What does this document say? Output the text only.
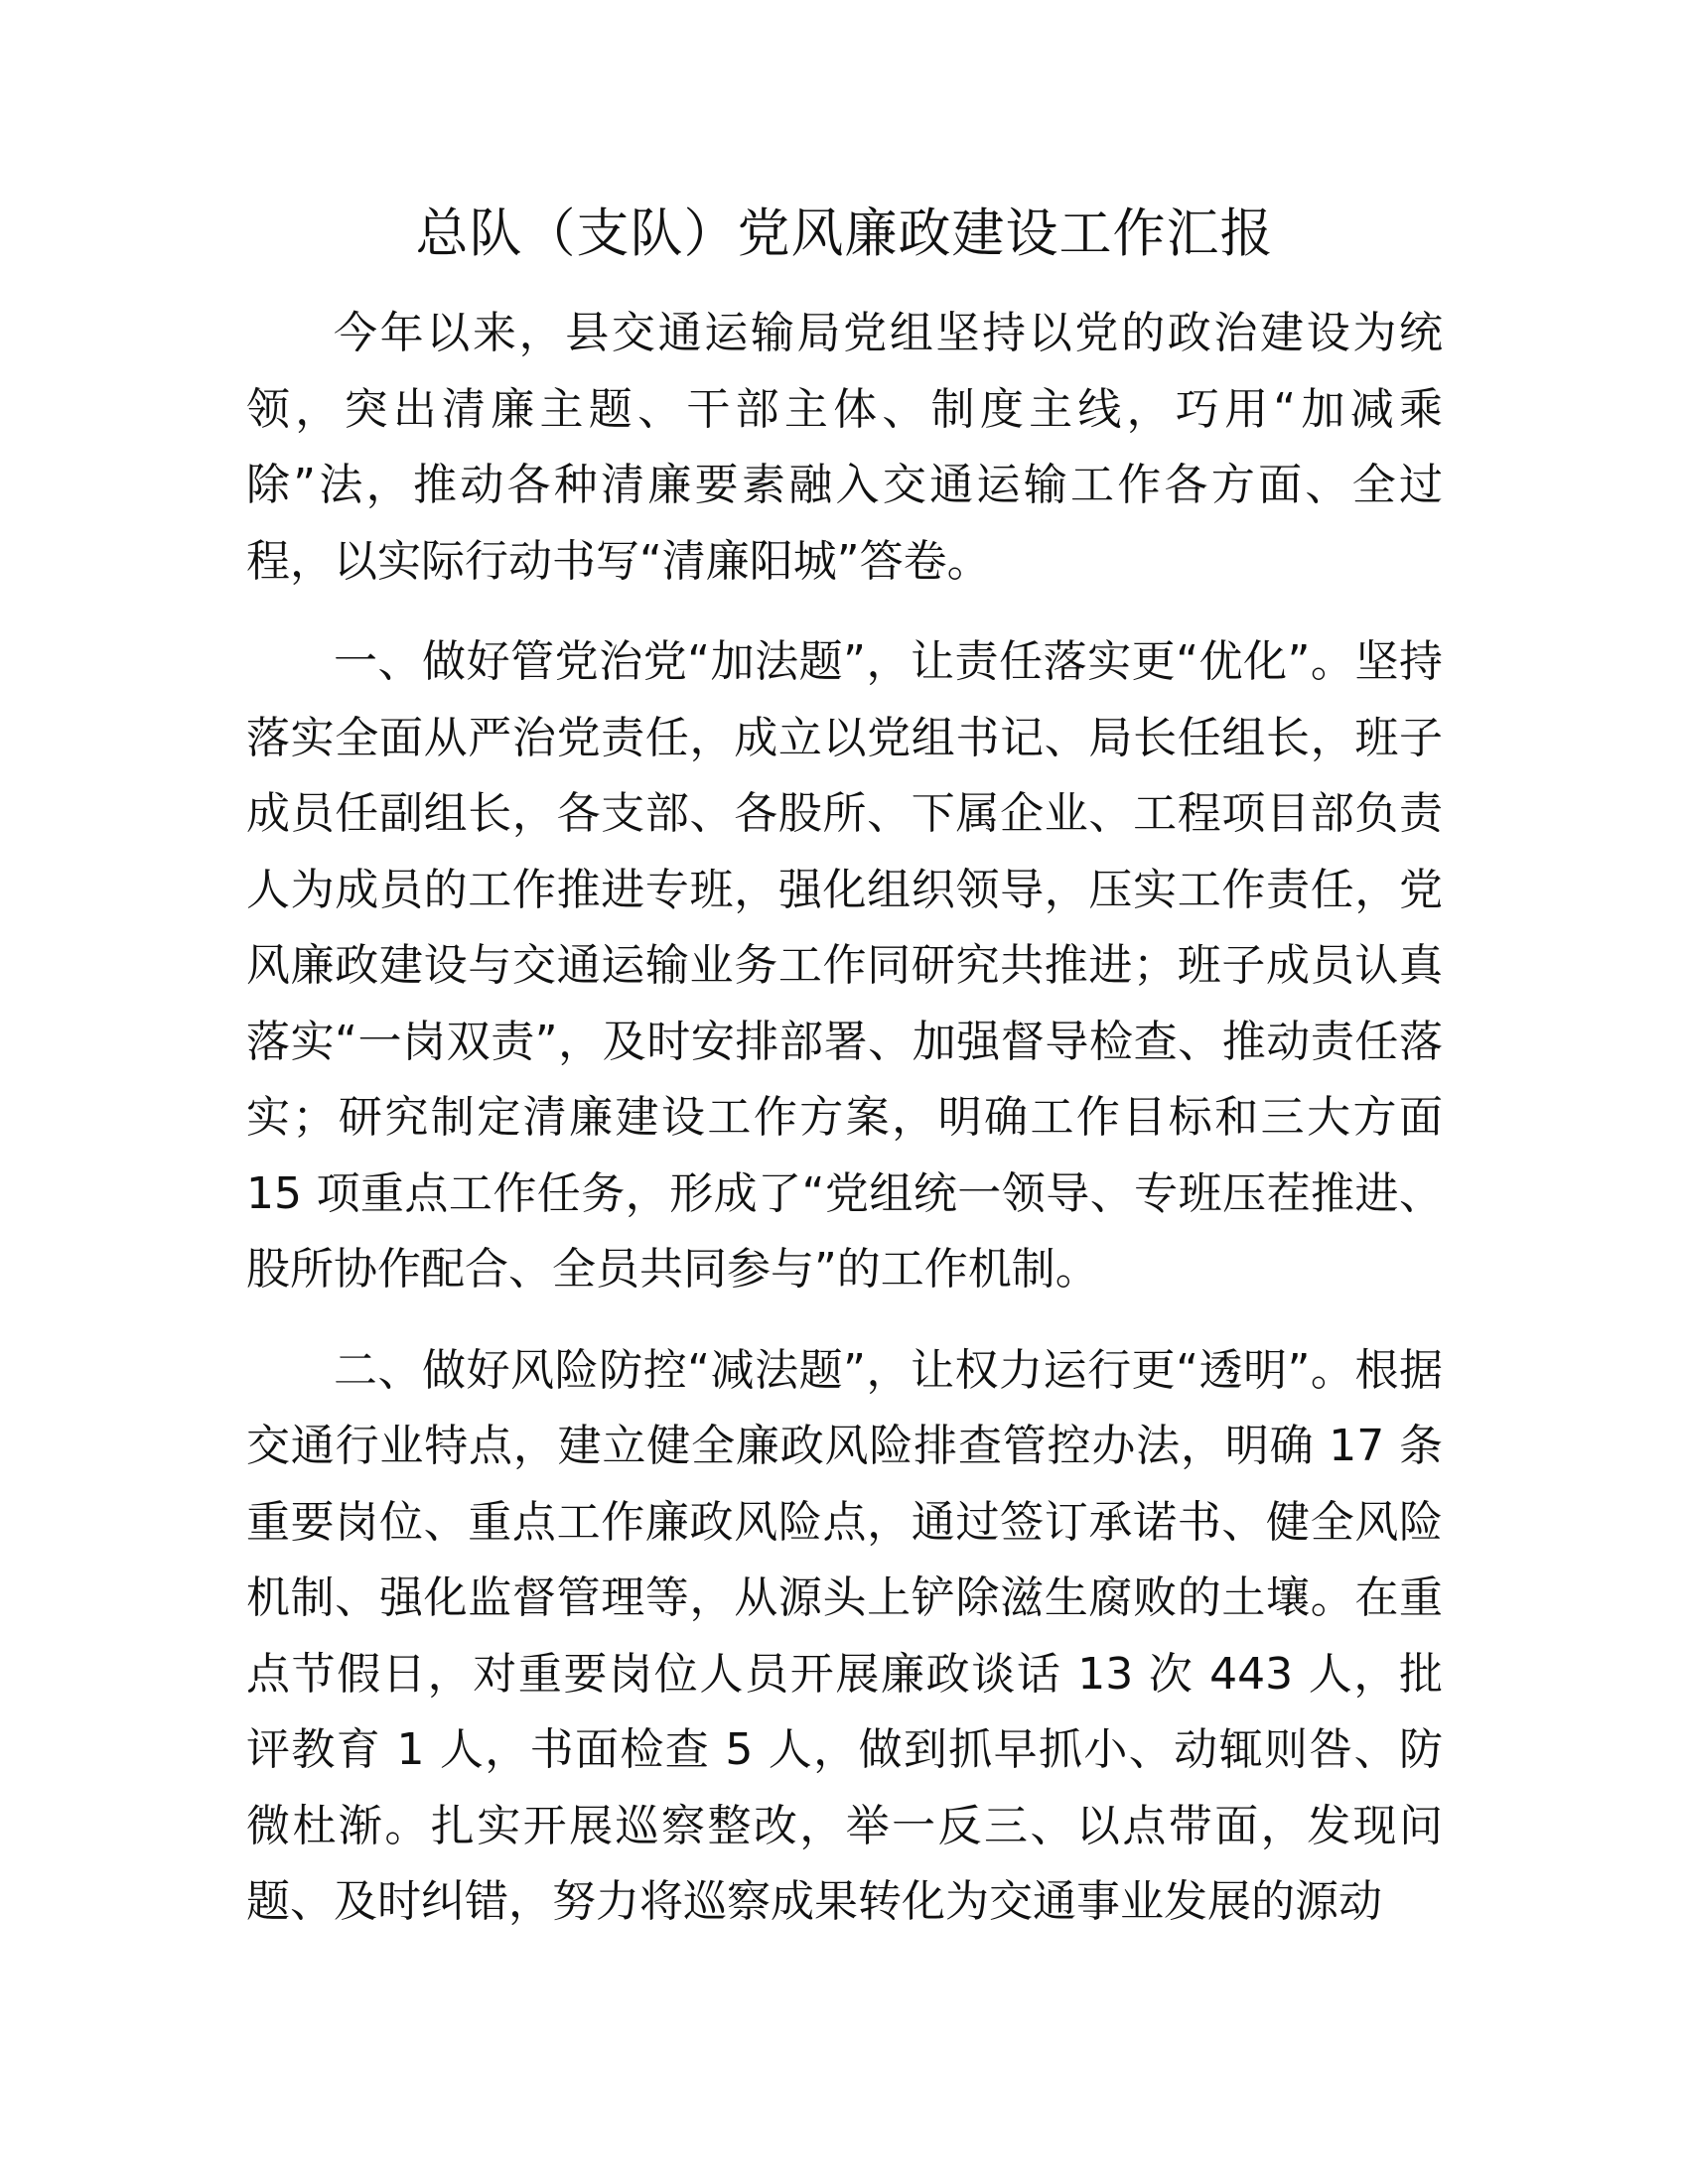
总队（支队）党风廉政建设工作汇报

今年以来，县交通运输局党组坚持以党的政治建设为统领，突出清廉主题、干部主体、制度主线，巧用“加减乘除”法，推动各种清廉要素融入交通运输工作各方面、全过程，以实际行动书写“清廉阳城”答卷。

一、做好管党治党“加法题”，让责任落实更“优化”。坚持落实全面从严治党责任，成立以党组书记、局长任组长，班子成员任副组长，各支部、各股所、下属企业、工程项目部负责人为成员的工作推进专班，强化组织领导，压实工作责任，党风廉政建设与交通运输业务工作同研究共推进；班子成员认真落实“一岗双责”，及时安排部署、加强督导检查、推动责任落实；研究制定清廉建设工作方案，明确工作目标和三大方面 15 项重点工作任务，形成了“党组统一领导、专班压茬推进、股所协作配合、全员共同参与”的工作机制。

二、做好风险防控“减法题”，让权力运行更“透明”。根据交通行业特点，建立健全廉政风险排查管控办法，明确 17 条重要岗位、重点工作廉政风险点，通过签订承诺书、健全风险机制、强化监督管理等，从源头上铲除滋生腐败的土壤。在重点节假日，对重要岗位人员开展廉政谈话 13 次 443 人，批评教育 1 人，书面检查 5 人，做到抓早抓小、动辄则咎、防微杜渐。扎实开展巡察整改，举一反三、以点带面，发现问题、及时纠错，努力将巡察成果转化为交通事业发展的源动
